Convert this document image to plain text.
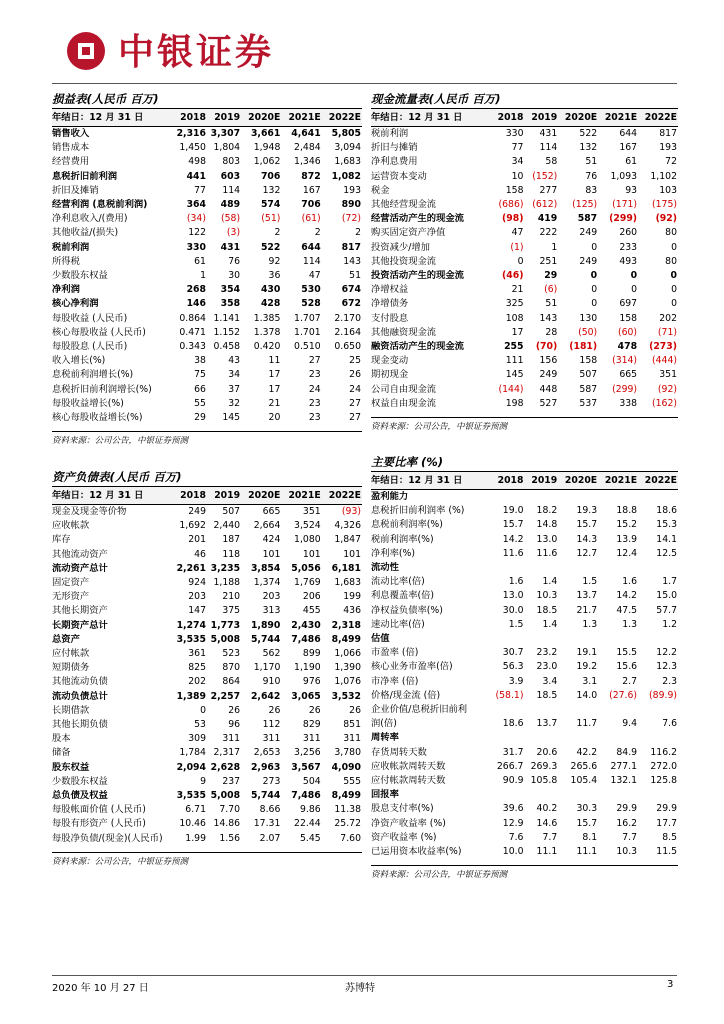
中银证券
损益表(人民币 百万)
年结日：12 月 31 日	2018	2019	2020E	2021E	2022E
销售收入	2,316	3,307	3,661	4,641	5,805
销售成本	1,450	1,804	1,948	2,484	3,094
经营费用	498	803	1,062	1,346	1,683
息税折旧前利润	441	603	706	872	1,082
折旧及摊销	77	114	132	167	193
经营利润 (息税前利润)	364	489	574	706	890
净利息收入/(费用)	(34)	(58)	(51)	(61)	(72)
其他收益/(损失)	122	(3)	2	2	2
税前利润	330	431	522	644	817
所得税	61	76	92	114	143
少数股东权益	1	30	36	47	51
净利润	268	354	430	530	674
核心净利润	146	358	428	528	672
每股收益 (人民币)	0.864	1.141	1.385	1.707	2.170
核心每股收益 (人民币)	0.471	1.152	1.378	1.701	2.164
每股股息 (人民币)	0.343	0.458	0.420	0.510	0.650
收入增长(%)	38	43	11	27	25
息税前利润增长(%)	75	34	17	23	26
息税折旧前利润增长(%)	66	37	17	24	24
每股收益增长(%)	55	32	21	23	27
核心每股收益增长(%)	29	145	20	23	27
资料来源：公司公告，中银证券预测
资产负债表(人民币 百万)
年结日：12 月 31 日	2018	2019	2020E	2021E	2022E
现金及现金等价物	249	507	665	351	(93)
应收帐款	1,692	2,440	2,664	3,524	4,326
库存	201	187	424	1,080	1,847
其他流动资产	46	118	101	101	101
流动资产总计	2,261	3,235	3,854	5,056	6,181
固定资产	924	1,188	1,374	1,769	1,683
无形资产	203	210	203	206	199
其他长期资产	147	375	313	455	436
长期资产总计	1,274	1,773	1,890	2,430	2,318
总资产	3,535	5,008	5,744	7,486	8,499
应付帐款	361	523	562	899	1,066
短期债务	825	870	1,170	1,190	1,390
其他流动负债	202	864	910	976	1,076
流动负债总计	1,389	2,257	2,642	3,065	3,532
长期借款	0	26	26	26	26
其他长期负债	53	96	112	829	851
股本	309	311	311	311	311
储备	1,784	2,317	2,653	3,256	3,780
股东权益	2,094	2,628	2,963	3,567	4,090
少数股东权益	9	237	273	504	555
总负债及权益	3,535	5,008	5,744	7,486	8,499
每股帐面价值 (人民币)	6.71	7.70	8.66	9.86	11.38
每股有形资产 (人民币)	10.46	14.86	17.31	22.44	25.72
每股净负债/(现金)(人民币)	1.99	1.56	2.07	5.45	7.60
资料来源：公司公告，中银证券预测
现金流量表(人民币 百万)
年结日：12 月 31 日	2018	2019	2020E	2021E	2022E
税前利润	330	431	522	644	817
折旧与摊销	77	114	132	167	193
净利息费用	34	58	51	61	72
运营资本变动	10	(152)	76	1,093	1,102
税金	158	277	83	93	103
其他经营现金流	(686)	(612)	(125)	(171)	(175)
经营活动产生的现金流	(98)	419	587	(299)	(92)
购买固定资产净值	47	222	249	260	80
投资减少/增加	(1)	1	0	233	0
其他投资现金流	0	251	249	493	80
投资活动产生的现金流	(46)	29	0	0	0
净增权益	21	(6)	0	0	0
净增债务	325	51	0	697	0
支付股息	108	143	130	158	202
其他融资现金流	17	28	(50)	(60)	(71)
融资活动产生的现金流	255	(70)	(181)	478	(273)
现金变动	111	156	158	(314)	(444)
期初现金	145	249	507	665	351
公司自由现金流	(144)	448	587	(299)	(92)
权益自由现金流	198	527	537	338	(162)
资料来源：公司公告，中银证券预测
主要比率 (%)
年结日：12 月 31 日	2018	2019	2020E	2021E	2022E
盈利能力					
息税折旧前利润率 (%)	19.0	18.2	19.3	18.8	18.6
息税前利润率(%)	15.7	14.8	15.7	15.2	15.3
税前利润率(%)	14.2	13.0	14.3	13.9	14.1
净利率(%)	11.6	11.6	12.7	12.4	12.5
流动性					
流动比率(倍)	1.6	1.4	1.5	1.6	1.7
利息覆盖率(倍)	13.0	10.3	13.7	14.2	15.0
净权益负债率(%)	30.0	18.5	21.7	47.5	57.7
速动比率(倍)	1.5	1.4	1.3	1.3	1.2
估值					
市盈率 (倍)	30.7	23.2	19.1	15.5	12.2
核心业务市盈率(倍)	56.3	23.0	19.2	15.6	12.3
市净率 (倍)	3.9	3.4	3.1	2.7	2.3
价格/现金流 (倍)	(58.1)	18.5	14.0	(27.6)	(89.9)
企业价值/息税折旧前利					
润(倍)	18.6	13.7	11.7	9.4	7.6
周转率					
存货周转天数	31.7	20.6	42.2	84.9	116.2
应收帐款周转天数	266.7	269.3	265.6	277.1	272.0
应付帐款周转天数	90.9	105.8	105.4	132.1	125.8
回报率					
股息支付率(%)	39.6	40.2	30.3	29.9	29.9
净资产收益率 (%)	12.9	14.6	15.7	16.2	17.7
资产收益率 (%)	7.6	7.7	8.1	7.7	8.5
已运用资本收益率(%)	10.0	11.1	11.1	10.3	11.5
资料来源：公司公告，中银证券预测
2020 年 10 月 27 日	苏博特	3
